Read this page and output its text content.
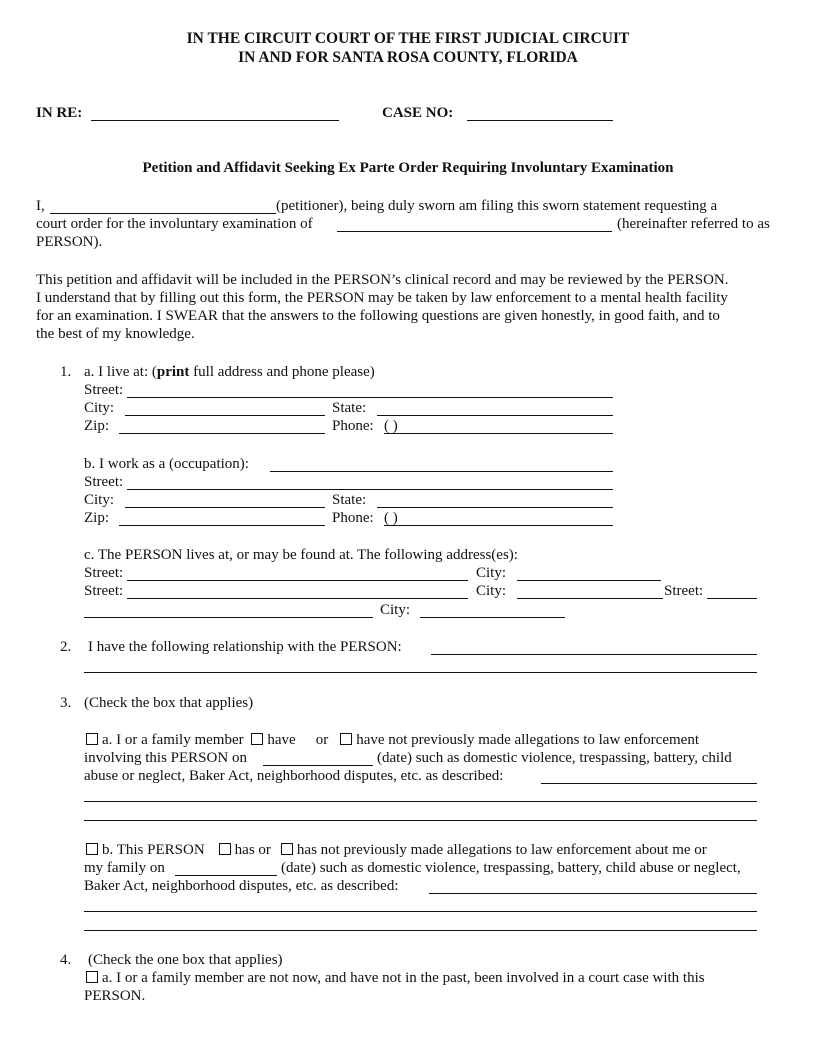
IN THE CIRCUIT COURT OF THE FIRST JUDICIAL CIRCUIT
IN AND FOR SANTA ROSA COUNTY, FLORIDA
IN RE:	CASE NO:
Petition and Affidavit Seeking Ex Parte Order Requiring Involuntary Examination
I,	(petitioner), being duly sworn am filing this sworn statement requesting a
court order for the involuntary examination of	(hereinafter referred to as
PERSON).
This petition and affidavit will be included in the PERSON’s clinical record and may be reviewed by the PERSON.
I understand that by filling out this form, the PERSON may be taken by law enforcement to a mental health facility
for an examination. I SWEAR that the answers to the following questions are given honestly, in good faith, and to
the best of my knowledge.
1. a. I live at: (print full address and phone please)
Street:
City:	State:
Zip:	Phone: ( )
b. I work as a (occupation):
Street:
City:	State:
Zip:	Phone: ( )
c. The PERSON lives at, or may be found at. The following address(es):
Street:	City:
Street:	City:	Street:
City:
2. I have the following relationship with the PERSON:
3. (Check the box that applies)
a. I or a family member have or have not previously made allegations to law enforcement
involving this PERSON on	(date) such as domestic violence, trespassing, battery, child
abuse or neglect, Baker Act, neighborhood disputes, etc. as described:
b. This PERSON has or has not previously made allegations to law enforcement about me or
my family on	(date) such as domestic violence, trespassing, battery, child abuse or neglect,
Baker Act, neighborhood disputes, etc. as described:
4. (Check the one box that applies)
a. I or a family member are not now, and have not in the past, been involved in a court case with this
PERSON.
